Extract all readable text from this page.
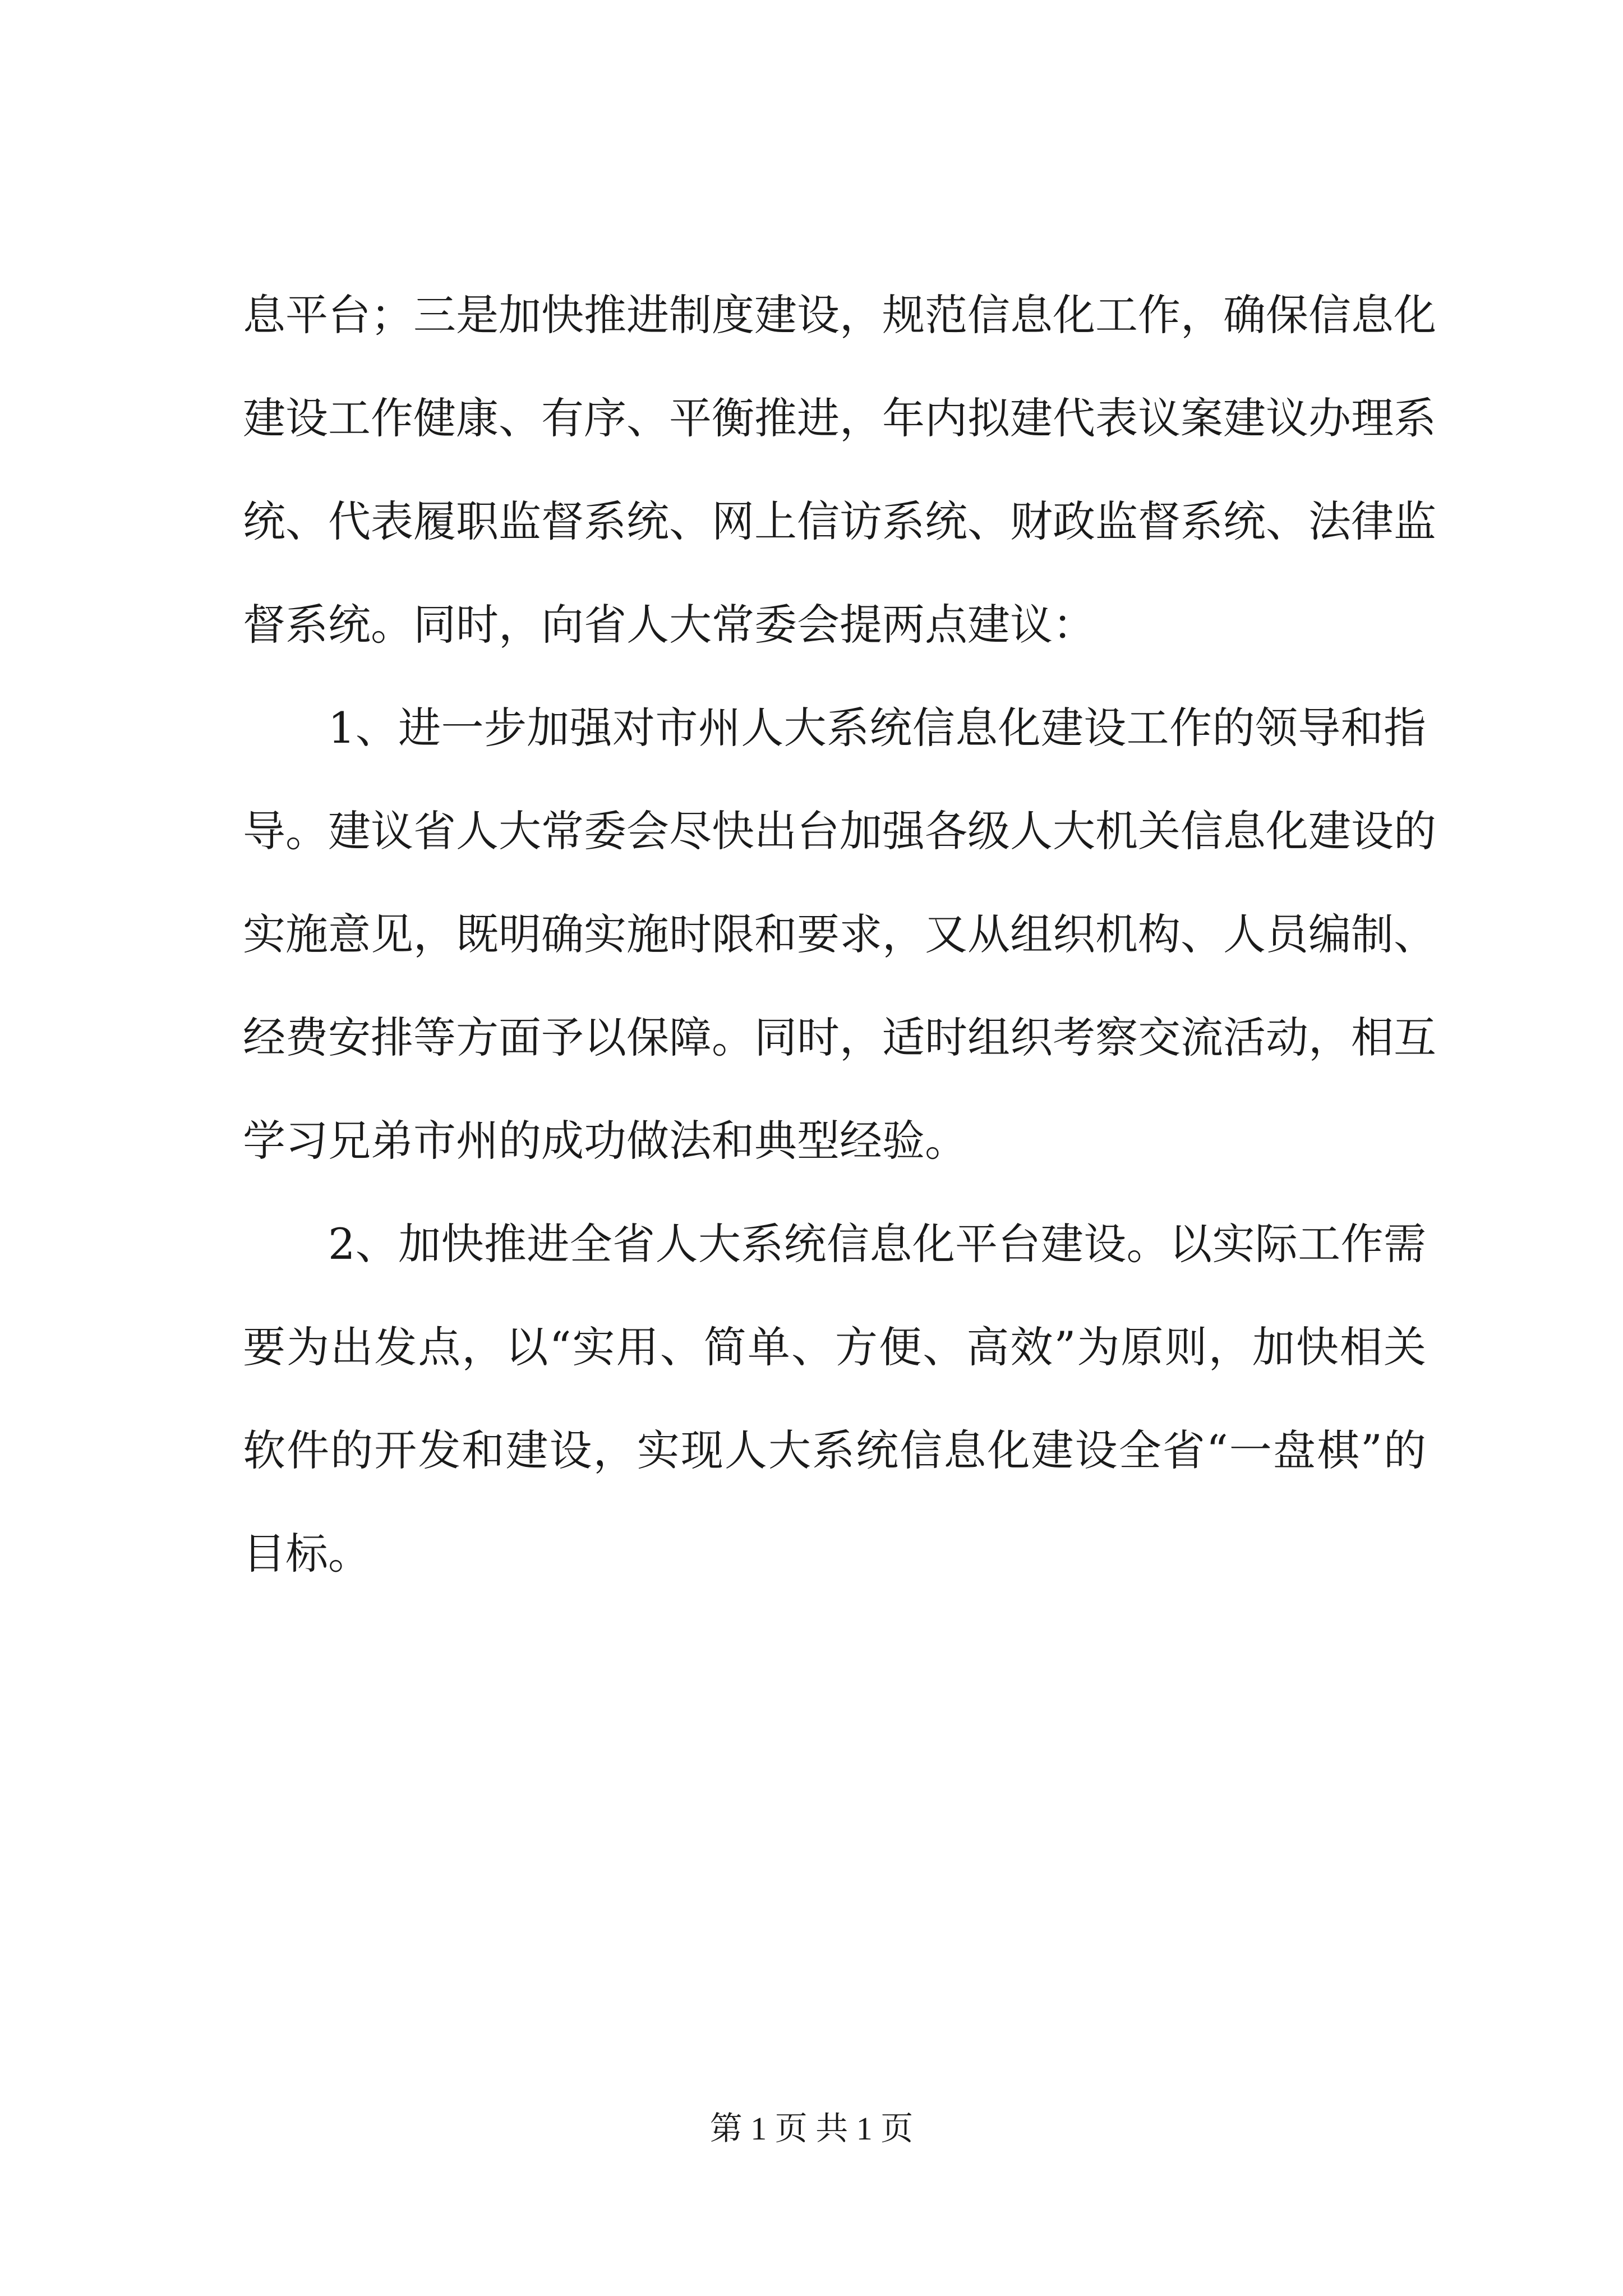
息平台；三是加快推进制度建设，规范信息化工作，确保信息化
建设工作健康、有序、平衡推进，年内拟建代表议案建议办理系
统、代表履职监督系统、网上信访系统、财政监督系统、法律监
督系统。同时，向省人大常委会提两点建议：
1、进一步加强对市州人大系统信息化建设工作的领导和指
导。建议省人大常委会尽快出台加强各级人大机关信息化建设的
实施意见，既明确实施时限和要求，又从组织机构、人员编制、
经费安排等方面予以保障。同时，适时组织考察交流活动，相互
学习兄弟市州的成功做法和典型经验。
2、加快推进全省人大系统信息化平台建设。以实际工作需
要为出发点，以“实用、简单、方便、高效”为原则，加快相关
软件的开发和建设，实现人大系统信息化建设全省“一盘棋”的
目标。
第 1 页 共 1 页
